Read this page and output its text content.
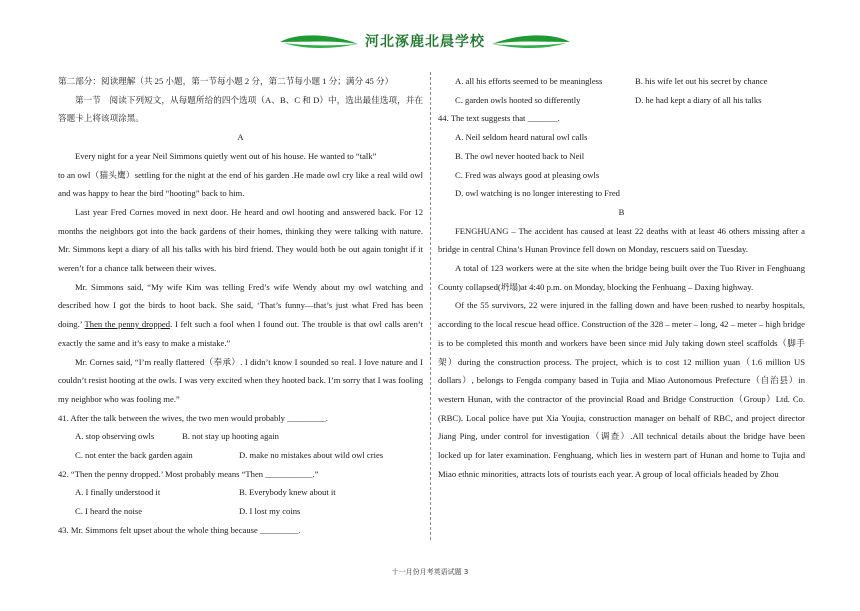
河北涿鹿北晨学校

第二部分：阅读理解（共 25 小题，第一节每小题 2 分，第二节每小题 1 分；满分 45 分）

第一节　阅读下列短文，从每题所给的四个选项（A、B、C 和 D）中，选出最佳选项，并在答题卡上将该项涂黑。

A

Every night for a year Neil Simmons quietly went out of his house. He wanted to “talk”

to an owl（猫头鹰）settling for the night at the end of his garden .He made owl cry like a real wild owl and was happy to hear the bird “hooting” back to him.

Last year Fred Cornes moved in next door. He heard and owl hooting and answered back. For 12 months the neighbors got into the back gardens of their homes, thinking they were talking with nature. Mr. Simmons kept a diary of all his talks with his bird friend. They would both be out again tonight if it weren’t for a chance talk between their wives.

Mr. Simmons said, “My wife Kim was telling Fred’s wife Wendy about my owl watching and described how I got the birds to hoot back. She said, ‘That’s funny—that’s just what Fred has been doing.’ Then the penny dropped. I felt such a fool when I found out. The trouble is that owl calls aren’t exactly the same and it’s easy to make a mistake.”

Mr. Cornes said, “I’m really flattered（奉承）. I didn’t know I sounded so real. I love nature and I couldn’t resist hooting at the owls. I was very excited when they hooted back. I’m sorry that I was fooling my neighbor who was fooling me.”

41. After the talk between the wives, the two men would probably _________.

A. stop observing owls	B. not stay up hooting again

C. not enter the back garden again	D. make no mistakes about wild owl cries

42. “Then the penny dropped.’ Most probably means “Then ___________.”

A. I finally understood it	B. Everybody knew about it

C. I heard the noise	D. I lost my coins

43. Mr. Simmons felt upset about the whole thing because _________.

A. all his efforts seemed to be meaningless	B. his wife let out his secret by chance

C. garden owls hooted so differently	D. he had kept a diary of all his talks

44. The text suggests that _______.

A. Neil seldom heard natural owl calls

B. The owl never hooted back to Neil

C. Fred was always good at pleasing owls

D. owl watching is no longer interesting to Fred

B

FENGHUANG – The accident has caused at least 22 deaths with at least 46 others missing after a bridge in central China’s Hunan Province fell down on Monday, rescuers said on Tuesday.

A total of 123 workers were at the site when the bridge being built over the Tuo River in Fenghuang County collapsed(坍塌)at 4:40 p.m. on Monday, blocking the Fenhuang – Daxing highway.

Of the 55 survivors, 22 were injured in the falling down and have been rushed to nearby hospitals, according to the local rescue head office. Construction of the 328 – meter – long, 42 – meter – high bridge is to be completed this month and workers have been since mid July taking down steel scaffolds（脚手架）during the construction process. The project, which is to cost 12 million yuan（1.6 million US dollars）, belongs to Fengda company based in Tujia and Miao Autonomous Prefecture（自治县）in western Hunan, with the contractor of the provincial Road and Bridge Construction（Group）Ltd. Co. (RBC). Local police have put Xia Youjia, construction manager on behalf of RBC, and project director Jiang Ping, under control for investigation（调查）.All technical details about the bridge have been locked up for later examination. Fenghuang, which lies in western part of Hunan and home to Tujia and Miao ethnic minorities, attracts lots of tourists each year. A group of local officials headed by Zhou

十一月份月考英语试题 3
